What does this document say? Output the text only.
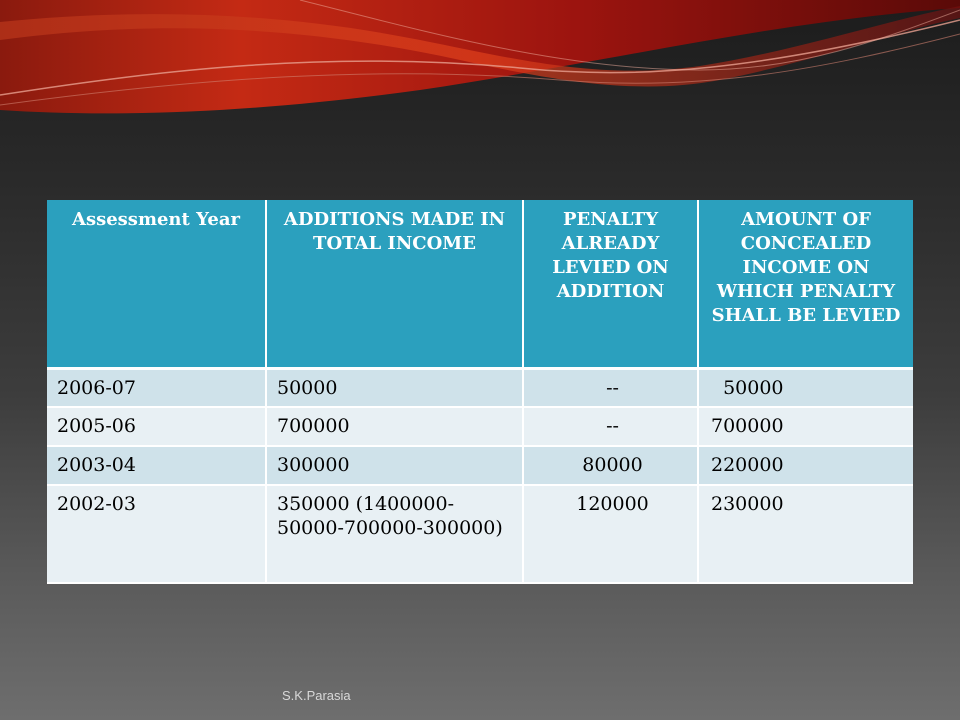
Assessment Year	ADDITIONS MADE IN TOTAL INCOME	PENALTY ALREADY LEVIED ON ADDITION	AMOUNT OF CONCEALED INCOME ON WHICH PENALTY SHALL BE LEVIED
2006-07	50000	--	50000
2005-06	700000	--	700000
2003-04	300000	80000	220000
2002-03	350000 (1400000-50000-700000-300000)	120000	230000
S.K.Parasia
